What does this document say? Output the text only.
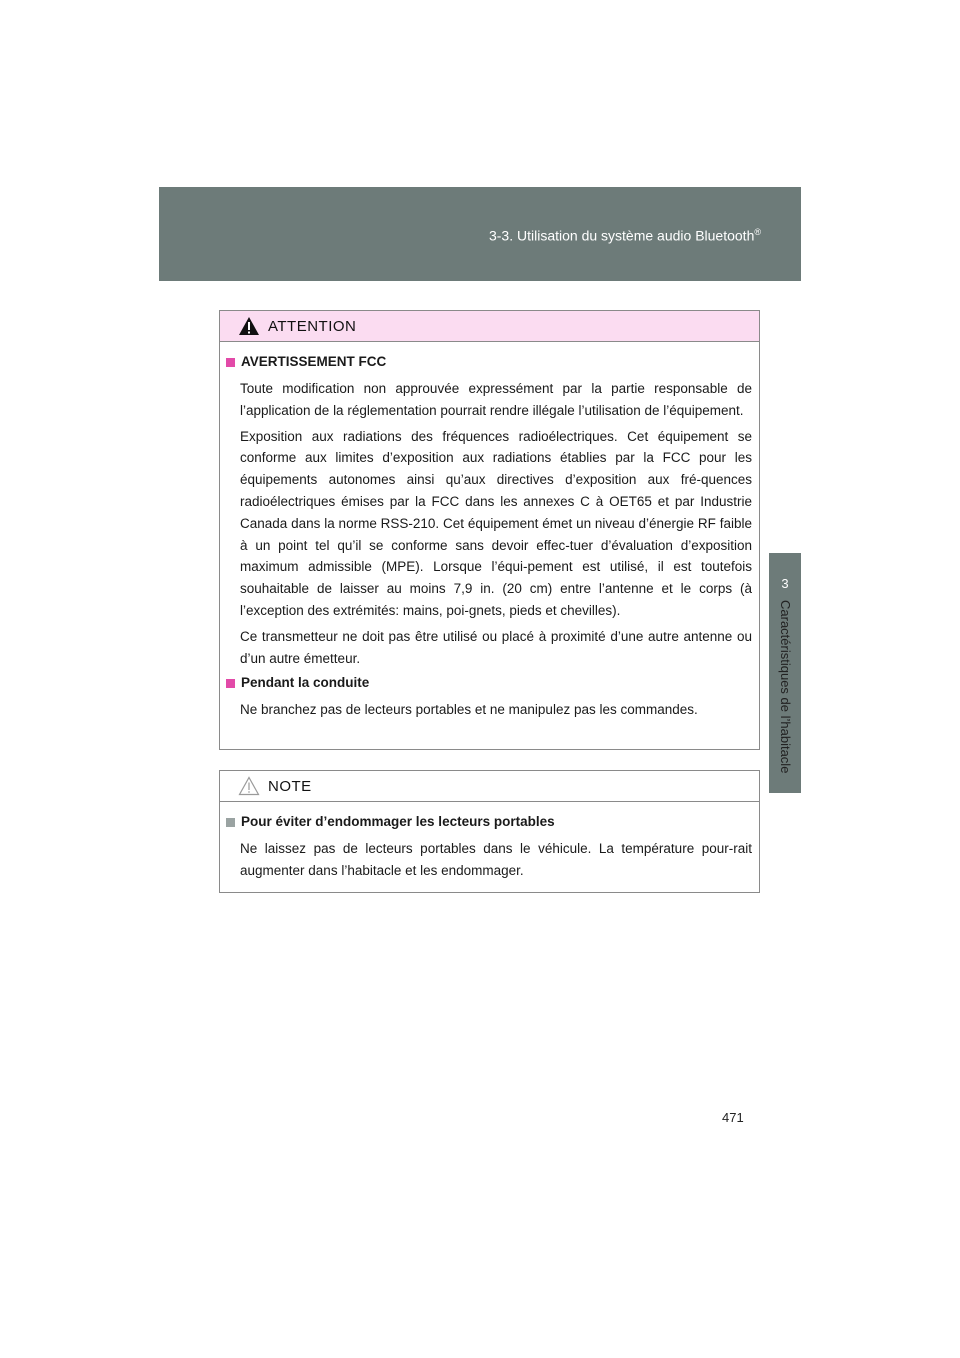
3-3. Utilisation du système audio Bluetooth®
3
Caractéristiques de l’habitacle
ATTENTION
AVERTISSEMENT FCC

Toute modification non approuvée expressément par la partie responsable de l’application de la réglementation pourrait rendre illégale l’utilisation de l’équipement.

Exposition aux radiations des fréquences radioélectriques. Cet équipement se conforme aux limites d’exposition aux radiations établies par la FCC pour les équipements autonomes ainsi qu’aux directives d’exposition aux fré-quences radioélectriques émises par la FCC dans les annexes C à OET65 et par Industrie Canada dans la norme RSS-210. Cet équipement émet un niveau d’énergie RF faible à un point tel qu’il se conforme sans devoir effec-tuer d’évaluation d’exposition maximum admissible (MPE). Lorsque l’équi-pement est utilisé, il est toutefois souhaitable de laisser au moins 7,9 in. (20 cm) entre l’antenne et le corps (à l’exception des extrémités: mains, poi-gnets, pieds et chevilles).

Ce transmetteur ne doit pas être utilisé ou placé à proximité d’une autre antenne ou d’un autre émetteur.

Pendant la conduite

Ne branchez pas de lecteurs portables et ne manipulez pas les commandes.

NOTE
Pour éviter d’endommager les lecteurs portables

Ne laissez pas de lecteurs portables dans le véhicule. La température pour-rait augmenter dans l’habitacle et les endommager.

471
